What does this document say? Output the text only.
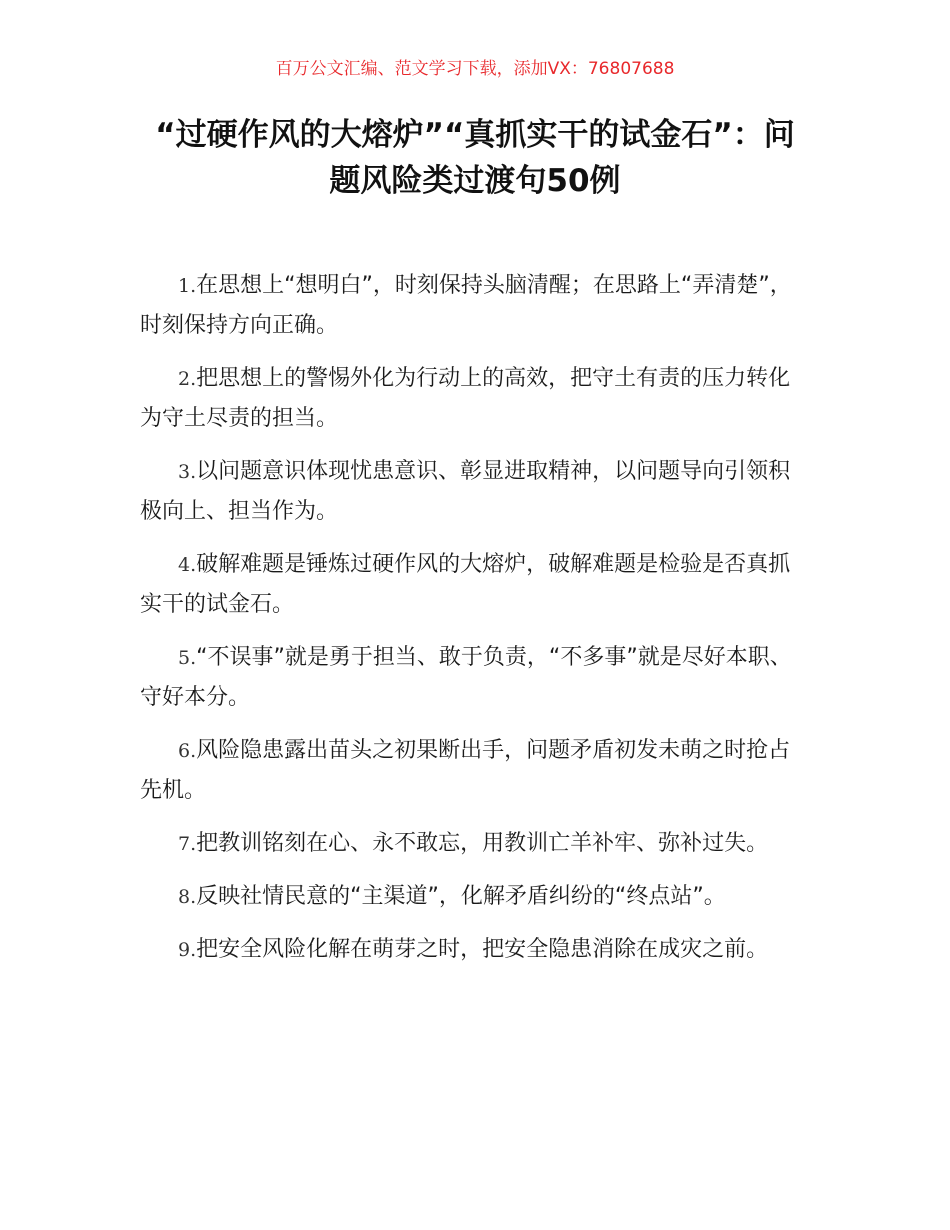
百万公文汇编、范文学习下载，添加VX：76807688
“过硬作风的大熔炉”“真抓实干的试金石”：问题风险类过渡句50例
1.在思想上“想明白”，时刻保持头脑清醒；在思路上“弄清楚”，时刻保持方向正确。
2.把思想上的警惕外化为行动上的高效，把守土有责的压力转化为守土尽责的担当。
3.以问题意识体现忧患意识、彰显进取精神，以问题导向引领积极向上、担当作为。
4.破解难题是锤炼过硬作风的大熔炉，破解难题是检验是否真抓实干的试金石。
5.“不误事”就是勇于担当、敢于负责，“不多事”就是尽好本职、守好本分。
6.风险隐患露出苗头之初果断出手，问题矛盾初发未萌之时抢占先机。
7.把教训铭刻在心、永不敢忘，用教训亡羊补牢、弥补过失。
8.反映社情民意的“主渠道”，化解矛盾纠纷的“终点站”。
9.把安全风险化解在萌芽之时，把安全隐患消除在成灾之前。
